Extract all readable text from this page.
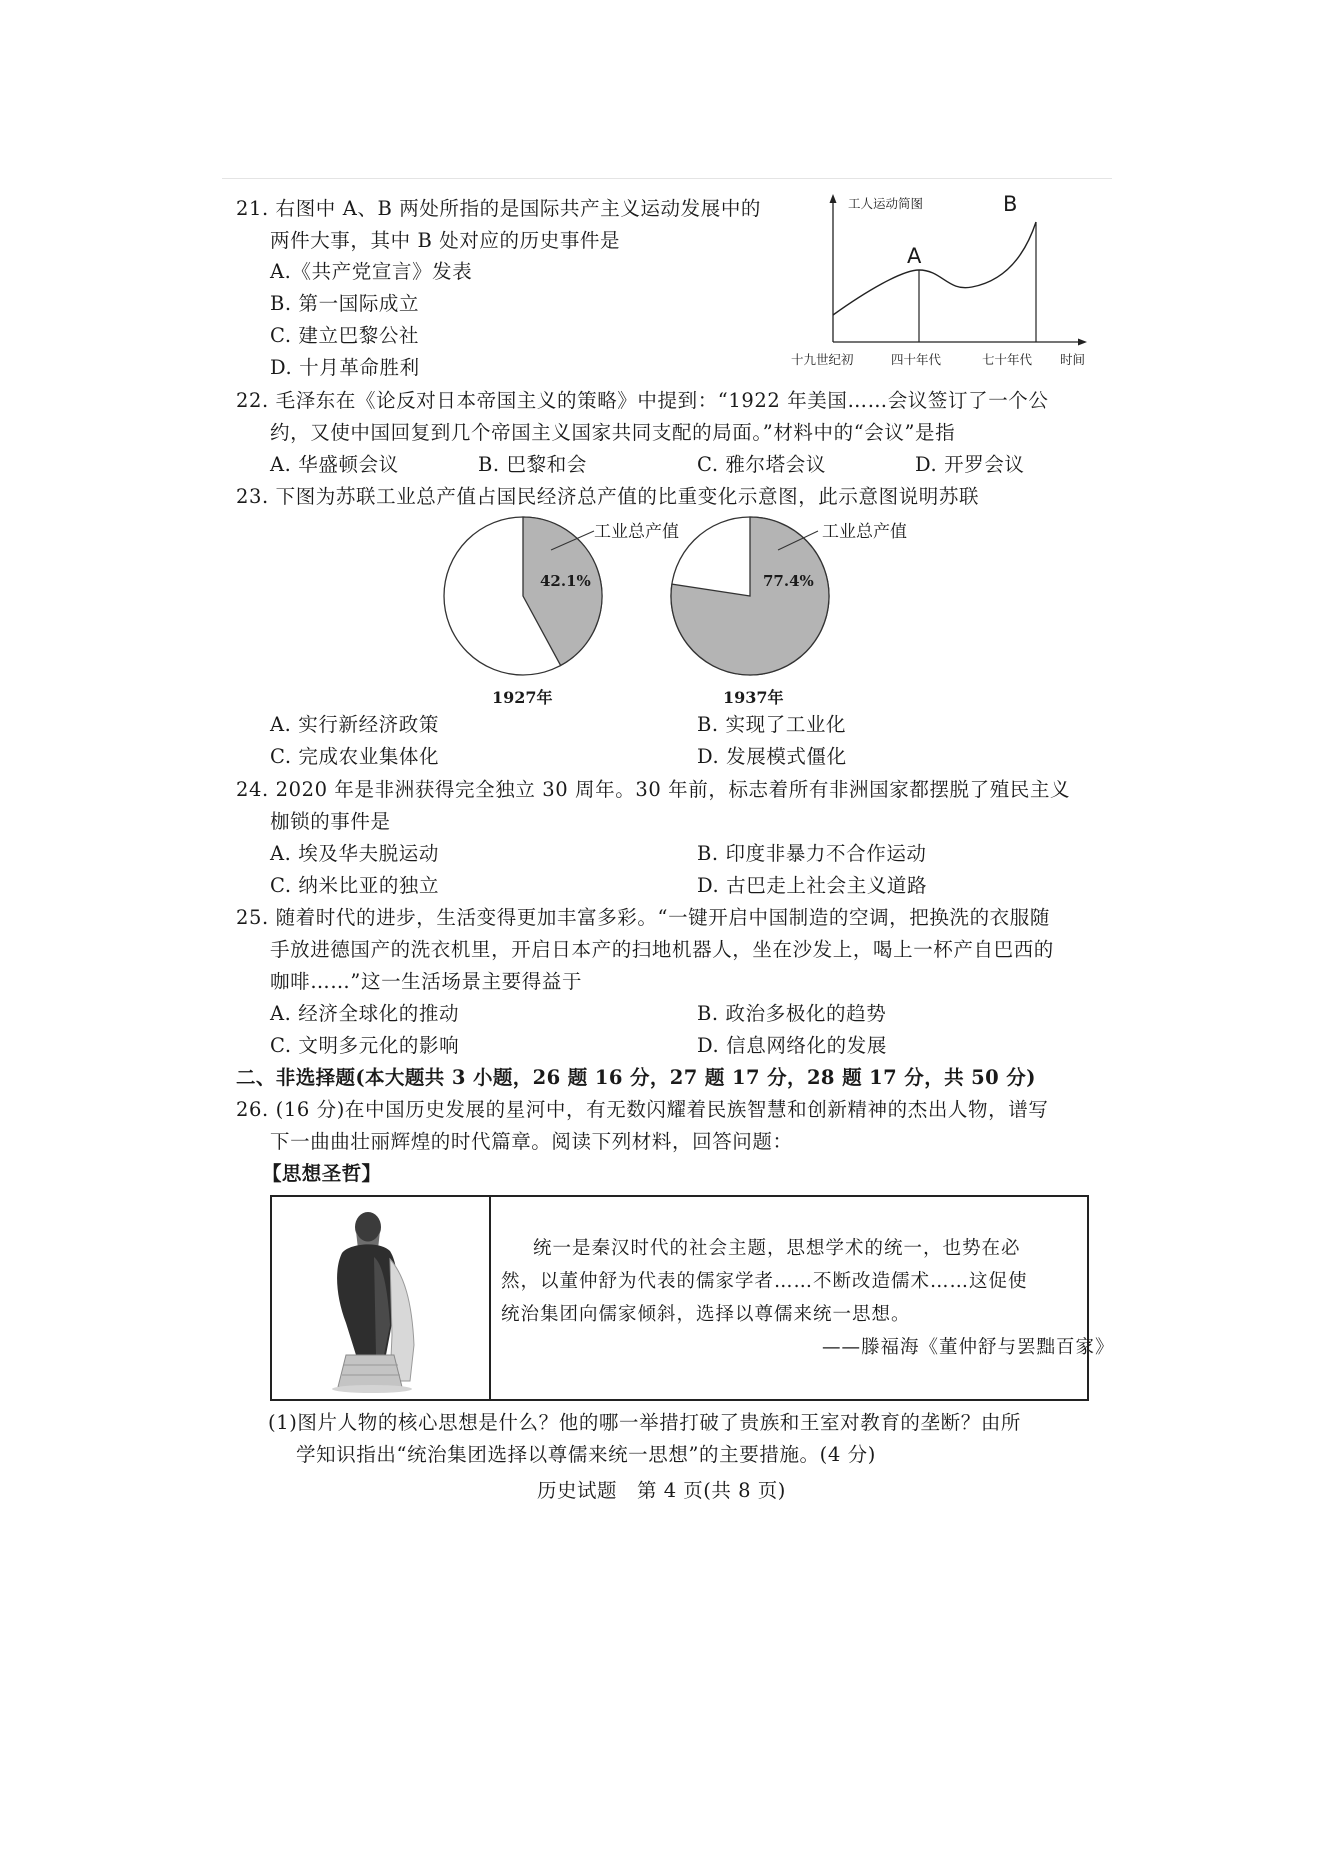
21. 右图中 A、B 两处所指的是国际共产主义运动发展中的
两件大事，其中 B 处对应的历史事件是
A.《共产党宣言》发表
B. 第一国际成立
C. 建立巴黎公社
D. 十月革命胜利
工人运动简图
A
B
十九世纪初	四十年代	七十年代 时间
22. 毛泽东在《论反对日本帝国主义的策略》中提到：“1922 年美国……会议签订了一个公
约，又使中国回复到几个帝国主义国家共同支配的局面。”材料中的“会议”是指
A. 华盛顿会议	B. 巴黎和会	C. 雅尔塔会议	D. 开罗会议
23. 下图为苏联工业总产值占国民经济总产值的比重变化示意图，此示意图说明苏联
工业总产值	工业总产值
42.1%	77.4%
1927年	1937年
A. 实行新经济政策	B. 实现了工业化
C. 完成农业集体化	D. 发展模式僵化
24. 2020 年是非洲获得完全独立 30 周年。30 年前，标志着所有非洲国家都摆脱了殖民主义
枷锁的事件是
A. 埃及华夫脱运动	B. 印度非暴力不合作运动
C. 纳米比亚的独立	D. 古巴走上社会主义道路
25. 随着时代的进步，生活变得更加丰富多彩。“一键开启中国制造的空调，把换洗的衣服随
手放进德国产的洗衣机里，开启日本产的扫地机器人，坐在沙发上，喝上一杯产自巴西的
咖啡……”这一生活场景主要得益于
A. 经济全球化的推动	B. 政治多极化的趋势
C. 文明多元化的影响	D. 信息网络化的发展
二、非选择题(本大题共 3 小题，26 题 16 分，27 题 17 分，28 题 17 分，共 50 分)
26. (16 分)在中国历史发展的星河中，有无数闪耀着民族智慧和创新精神的杰出人物，谱写
下一曲曲壮丽辉煌的时代篇章。阅读下列材料，回答问题：
【思想圣哲】
统一是秦汉时代的社会主题，思想学术的统一，也势在必
然，以董仲舒为代表的儒家学者……不断改造儒术……这促使
统治集团向儒家倾斜，选择以尊儒来统一思想。
——滕福海《董仲舒与罢黜百家》
(1)图片人物的核心思想是什么？他的哪一举措打破了贵族和王室对教育的垄断？由所
学知识指出“统治集团选择以尊儒来统一思想”的主要措施。(4 分)
历史试题　第 4 页(共 8 页)
